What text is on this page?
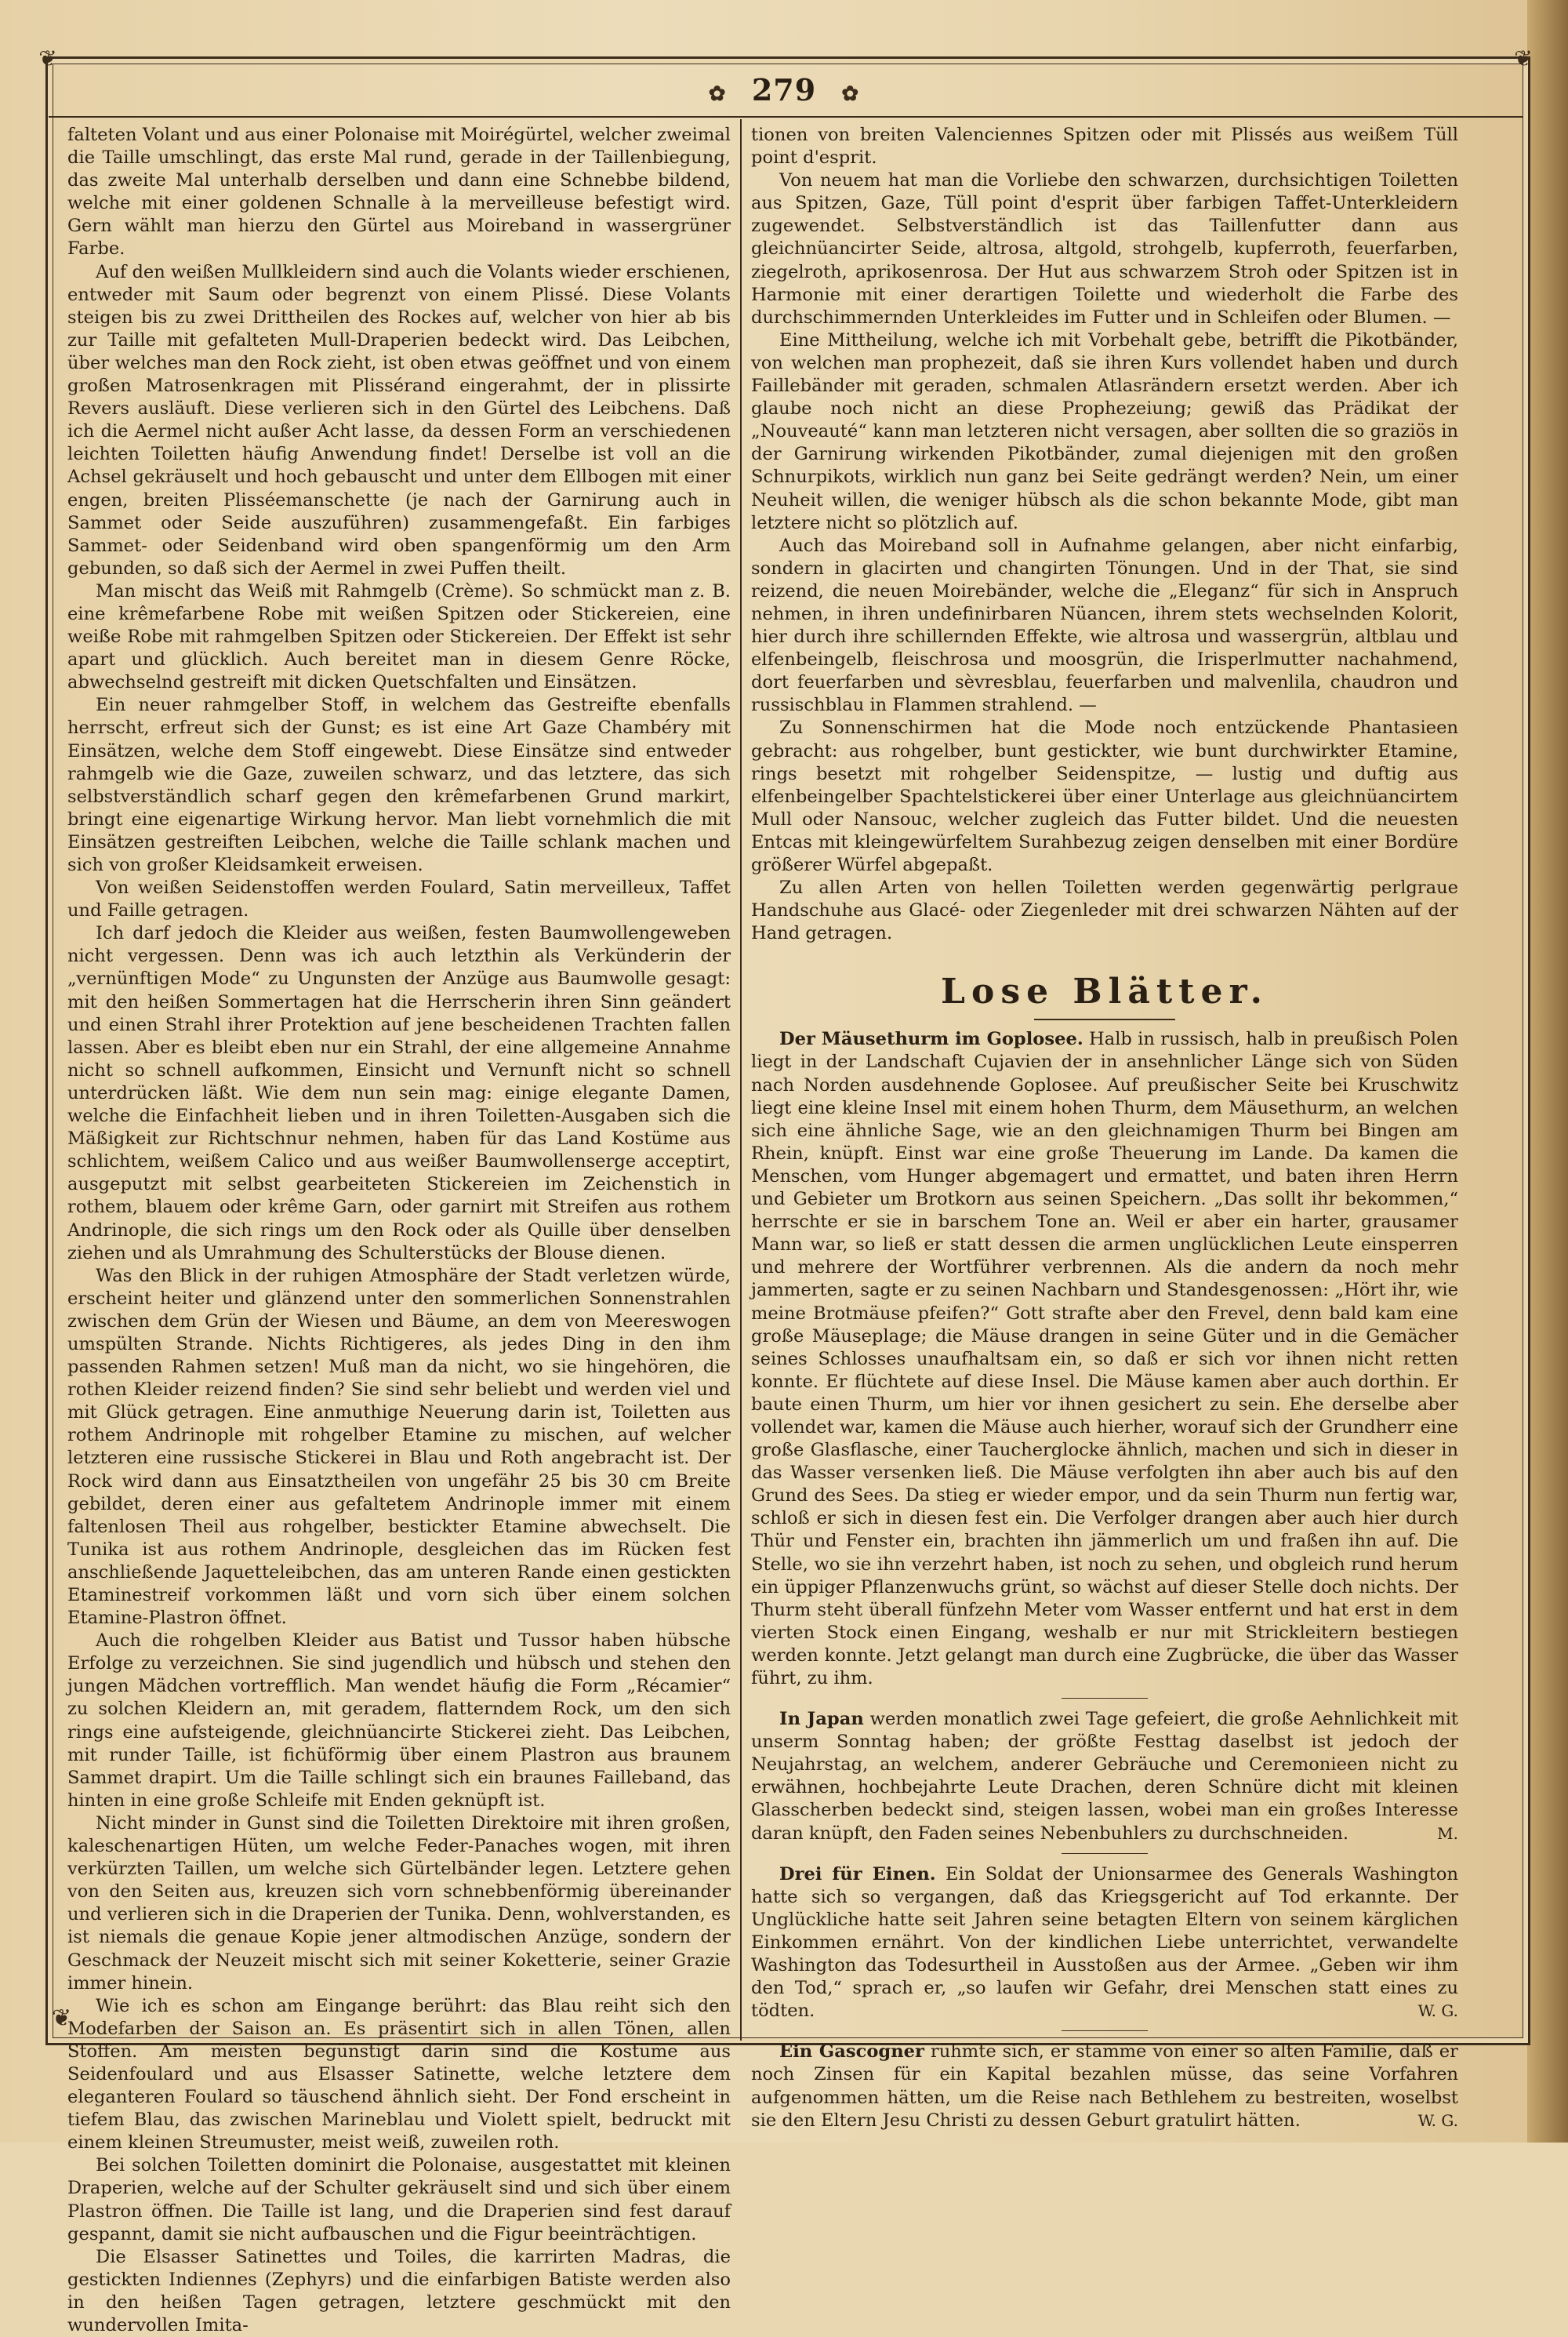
❦	❦
✿ 279 ✿

falteten Volant und aus einer Polonaise mit Moirégürtel, welcher zweimal die Taille umschlingt, das erste Mal rund, gerade in der Taillenbiegung, das zweite Mal unterhalb derselben und dann eine Schnebbe bildend, welche mit einer goldenen Schnalle à la merveilleuse befestigt wird. Gern wählt man hierzu den Gürtel aus Moireband in wassergrüner Farbe.

Auf den weißen Mullkleidern sind auch die Volants wieder erschienen, entweder mit Saum oder begrenzt von einem Plissé. Diese Volants steigen bis zu zwei Drittheilen des Rockes auf, welcher von hier ab bis zur Taille mit gefalteten Mull-Draperien bedeckt wird. Das Leibchen, über welches man den Rock zieht, ist oben etwas geöffnet und von einem großen Matrosenkragen mit Plissérand eingerahmt, der in plissirte Revers ausläuft. Diese verlieren sich in den Gürtel des Leibchens. Daß ich die Aermel nicht außer Acht lasse, da dessen Form an verschiedenen leichten Toiletten häufig Anwendung findet! Derselbe ist voll an die Achsel gekräuselt und hoch gebauscht und unter dem Ellbogen mit einer engen, breiten Plisséemanschette (je nach der Garnirung auch in Sammet oder Seide auszuführen) zusammengefaßt. Ein farbiges Sammet- oder Seidenband wird oben spangenförmig um den Arm gebunden, so daß sich der Aermel in zwei Puffen theilt.

Man mischt das Weiß mit Rahmgelb (Crème). So schmückt man z. B. eine krêmefarbene Robe mit weißen Spitzen oder Stickereien, eine weiße Robe mit rahmgelben Spitzen oder Stickereien. Der Effekt ist sehr apart und glücklich. Auch bereitet man in diesem Genre Röcke, abwechselnd gestreift mit dicken Quetschfalten und Einsätzen.

Ein neuer rahmgelber Stoff, in welchem das Gestreifte ebenfalls herrscht, erfreut sich der Gunst; es ist eine Art Gaze Chambéry mit Einsätzen, welche dem Stoff eingewebt. Diese Einsätze sind entweder rahmgelb wie die Gaze, zuweilen schwarz, und das letztere, das sich selbstverständlich scharf gegen den krêmefarbenen Grund markirt, bringt eine eigenartige Wirkung hervor. Man liebt vornehmlich die mit Einsätzen gestreiften Leibchen, welche die Taille schlank machen und sich von großer Kleidsamkeit erweisen.

Von weißen Seidenstoffen werden Foulard, Satin merveilleux, Taffet und Faille getragen.

Ich darf jedoch die Kleider aus weißen, festen Baumwollengeweben nicht vergessen. Denn was ich auch letzthin als Verkünderin der „vernünftigen Mode“ zu Ungunsten der Anzüge aus Baumwolle gesagt: mit den heißen Sommertagen hat die Herrscherin ihren Sinn geändert und einen Strahl ihrer Protektion auf jene bescheidenen Trachten fallen lassen. Aber es bleibt eben nur ein Strahl, der eine allgemeine Annahme nicht so schnell aufkommen, Einsicht und Vernunft nicht so schnell unterdrücken läßt. Wie dem nun sein mag: einige elegante Damen, welche die Einfachheit lieben und in ihren Toiletten-Ausgaben sich die Mäßigkeit zur Richtschnur nehmen, haben für das Land Kostüme aus schlichtem, weißem Calico und aus weißer Baumwollenserge acceptirt, ausgeputzt mit selbst gearbeiteten Stickereien im Zeichenstich in rothem, blauem oder krême Garn, oder garnirt mit Streifen aus rothem Andrinople, die sich rings um den Rock oder als Quille über denselben ziehen und als Umrahmung des Schulterstücks der Blouse dienen.

Was den Blick in der ruhigen Atmosphäre der Stadt verletzen würde, erscheint heiter und glänzend unter den sommerlichen Sonnenstrahlen zwischen dem Grün der Wiesen und Bäume, an dem von Meereswogen umspülten Strande. Nichts Richtigeres, als jedes Ding in den ihm passenden Rahmen setzen! Muß man da nicht, wo sie hingehören, die rothen Kleider reizend finden? Sie sind sehr beliebt und werden viel und mit Glück getragen. Eine anmuthige Neuerung darin ist, Toiletten aus rothem Andrinople mit rohgelber Etamine zu mischen, auf welcher letzteren eine russische Stickerei in Blau und Roth angebracht ist. Der Rock wird dann aus Einsatztheilen von ungefähr 25 bis 30 cm Breite gebildet, deren einer aus gefaltetem Andrinople immer mit einem faltenlosen Theil aus rohgelber, bestickter Etamine abwechselt. Die Tunika ist aus rothem Andrinople, desgleichen das im Rücken fest anschließende Jaquetteleibchen, das am unteren Rande einen gestickten Etaminestreif vorkommen läßt und vorn sich über einem solchen Etamine-Plastron öffnet.

Auch die rohgelben Kleider aus Batist und Tussor haben hübsche Erfolge zu verzeichnen. Sie sind jugendlich und hübsch und stehen den jungen Mädchen vortrefflich. Man wendet häufig die Form „Récamier“ zu solchen Kleidern an, mit geradem, flatterndem Rock, um den sich rings eine aufsteigende, gleichnüancirte Stickerei zieht. Das Leibchen, mit runder Taille, ist fichüförmig über einem Plastron aus braunem Sammet drapirt. Um die Taille schlingt sich ein braunes Failleband, das hinten in eine große Schleife mit Enden geknüpft ist.

Nicht minder in Gunst sind die Toiletten Direktoire mit ihren großen, kaleschenartigen Hüten, um welche Feder-Panaches wogen, mit ihren verkürzten Taillen, um welche sich Gürtelbänder legen. Letztere gehen von den Seiten aus, kreuzen sich vorn schnebbenförmig übereinander und verlieren sich in die Draperien der Tunika. Denn, wohlverstanden, es ist niemals die genaue Kopie jener altmodischen Anzüge, sondern der Geschmack der Neuzeit mischt sich mit seiner Koketterie, seiner Grazie immer hinein.

Wie ich es schon am Eingange berührt: das Blau reiht sich den Modefarben der Saison an. Es präsentirt sich in allen Tönen, allen Stoffen. Am meisten begünstigt darin sind die Kostüme aus Seidenfoulard und aus Elsasser Satinette, welche letztere dem eleganteren Foulard so täuschend ähnlich sieht. Der Fond erscheint in tiefem Blau, das zwischen Marineblau und Violett spielt, bedruckt mit einem kleinen Streumuster, meist weiß, zuweilen roth.

Bei solchen Toiletten dominirt die Polonaise, ausgestattet mit kleinen Draperien, welche auf der Schulter gekräuselt sind und sich über einem Plastron öffnen. Die Taille ist lang, und die Draperien sind fest darauf gespannt, damit sie nicht aufbauschen und die Figur beeinträchtigen.

Die Elsasser Satinettes und Toiles, die karrirten Madras, die gestickten Indiennes (Zephyrs) und die einfarbigen Batiste werden also in den heißen Tagen getragen, letztere geschmückt mit den wundervollen Imita-

tionen von breiten Valenciennes Spitzen oder mit Plissés aus weißem Tüll point d'esprit.

Von neuem hat man die Vorliebe den schwarzen, durchsichtigen Toiletten aus Spitzen, Gaze, Tüll point d'esprit über farbigen Taffet-Unterkleidern zugewendet. Selbstverständlich ist das Taillenfutter dann aus gleichnüancirter Seide, altrosa, altgold, strohgelb, kupferroth, feuerfarben, ziegelroth, aprikosenrosa. Der Hut aus schwarzem Stroh oder Spitzen ist in Harmonie mit einer derartigen Toilette und wiederholt die Farbe des durchschimmernden Unterkleides im Futter und in Schleifen oder Blumen. —

Eine Mittheilung, welche ich mit Vorbehalt gebe, betrifft die Pikotbänder, von welchen man prophezeit, daß sie ihren Kurs vollendet haben und durch Faillebänder mit geraden, schmalen Atlasrändern ersetzt werden. Aber ich glaube noch nicht an diese Prophezeiung; gewiß das Prädikat der „Nouveauté“ kann man letzteren nicht versagen, aber sollten die so graziös in der Garnirung wirkenden Pikotbänder, zumal diejenigen mit den großen Schnurpikots, wirklich nun ganz bei Seite gedrängt werden? Nein, um einer Neuheit willen, die weniger hübsch als die schon bekannte Mode, gibt man letztere nicht so plötzlich auf.

Auch das Moireband soll in Aufnahme gelangen, aber nicht einfarbig, sondern in glacirten und changirten Tönungen. Und in der That, sie sind reizend, die neuen Moirebänder, welche die „Eleganz“ für sich in Anspruch nehmen, in ihren undefinirbaren Nüancen, ihrem stets wechselnden Kolorit, hier durch ihre schillernden Effekte, wie altrosa und wassergrün, altblau und elfenbeingelb, fleischrosa und moosgrün, die Irisperlmutter nachahmend, dort feuerfarben und sèvresblau, feuerfarben und malvenlila, chaudron und russischblau in Flammen strahlend. —

Zu Sonnenschirmen hat die Mode noch entzückende Phantasieen gebracht: aus rohgelber, bunt gestickter, wie bunt durchwirkter Etamine, rings besetzt mit rohgelber Seidenspitze, — lustig und duftig aus elfenbeingelber Spachtelstickerei über einer Unterlage aus gleichnüancirtem Mull oder Nansouc, welcher zugleich das Futter bildet. Und die neuesten Entcas mit kleingewürfeltem Surahbezug zeigen denselben mit einer Bordüre größerer Würfel abgepaßt.

Zu allen Arten von hellen Toiletten werden gegenwärtig perlgraue Handschuhe aus Glacé- oder Ziegenleder mit drei schwarzen Nähten auf der Hand getragen.

Lose Blätter.

Der Mäusethurm im Goplosee. Halb in russisch, halb in preußisch Polen liegt in der Landschaft Cujavien der in ansehnlicher Länge sich von Süden nach Norden ausdehnende Goplosee. Auf preußischer Seite bei Kruschwitz liegt eine kleine Insel mit einem hohen Thurm, dem Mäusethurm, an welchen sich eine ähnliche Sage, wie an den gleichnamigen Thurm bei Bingen am Rhein, knüpft. Einst war eine große Theuerung im Lande. Da kamen die Menschen, vom Hunger abgemagert und ermattet, und baten ihren Herrn und Gebieter um Brotkorn aus seinen Speichern. „Das sollt ihr bekommen,“ herrschte er sie in barschem Tone an. Weil er aber ein harter, grausamer Mann war, so ließ er statt dessen die armen unglücklichen Leute einsperren und mehrere der Wortführer verbrennen. Als die andern da noch mehr jammerten, sagte er zu seinen Nachbarn und Standesgenossen: „Hört ihr, wie meine Brotmäuse pfeifen?“ Gott strafte aber den Frevel, denn bald kam eine große Mäuseplage; die Mäuse drangen in seine Güter und in die Gemächer seines Schlosses unaufhaltsam ein, so daß er sich vor ihnen nicht retten konnte. Er flüchtete auf diese Insel. Die Mäuse kamen aber auch dorthin. Er baute einen Thurm, um hier vor ihnen gesichert zu sein. Ehe derselbe aber vollendet war, kamen die Mäuse auch hierher, worauf sich der Grundherr eine große Glasflasche, einer Taucherglocke ähnlich, machen und sich in dieser in das Wasser versenken ließ. Die Mäuse verfolgten ihn aber auch bis auf den Grund des Sees. Da stieg er wieder empor, und da sein Thurm nun fertig war, schloß er sich in diesen fest ein. Die Verfolger drangen aber auch hier durch Thür und Fenster ein, brachten ihn jämmerlich um und fraßen ihn auf. Die Stelle, wo sie ihn verzehrt haben, ist noch zu sehen, und obgleich rund herum ein üppiger Pflanzenwuchs grünt, so wächst auf dieser Stelle doch nichts. Der Thurm steht überall fünfzehn Meter vom Wasser entfernt und hat erst in dem vierten Stock einen Eingang, weshalb er nur mit Strickleitern bestiegen werden konnte. Jetzt gelangt man durch eine Zugbrücke, die über das Wasser führt, zu ihm.

In Japan werden monatlich zwei Tage gefeiert, die große Aehnlichkeit mit unserm Sonntag haben; der größte Festtag daselbst ist jedoch der Neujahrstag, an welchem, anderer Gebräuche und Ceremonieen nicht zu erwähnen, hochbejahrte Leute Drachen, deren Schnüre dicht mit kleinen Glasscherben bedeckt sind, steigen lassen, wobei man ein großes Interesse daran knüpft, den Faden seines Nebenbuhlers zu durchschneiden.	M.

Drei für Einen. Ein Soldat der Unionsarmee des Generals Washington hatte sich so vergangen, daß das Kriegsgericht auf Tod erkannte. Der Unglückliche hatte seit Jahren seine betagten Eltern von seinem kärglichen Einkommen ernährt. Von der kindlichen Liebe unterrichtet, verwandelte Washington das Todesurtheil in Ausstoßen aus der Armee. „Geben wir ihm den Tod,“ sprach er, „so laufen wir Gefahr, drei Menschen statt eines zu tödten.	W. G.

Ein Gascogner rühmte sich, er stamme von einer so alten Familie, daß er noch Zinsen für ein Kapital bezahlen müsse, das seine Vorfahren aufgenommen hätten, um die Reise nach Bethlehem zu bestreiten, woselbst sie den Eltern Jesu Christi zu dessen Geburt gratulirt hätten.	W. G.

❦
